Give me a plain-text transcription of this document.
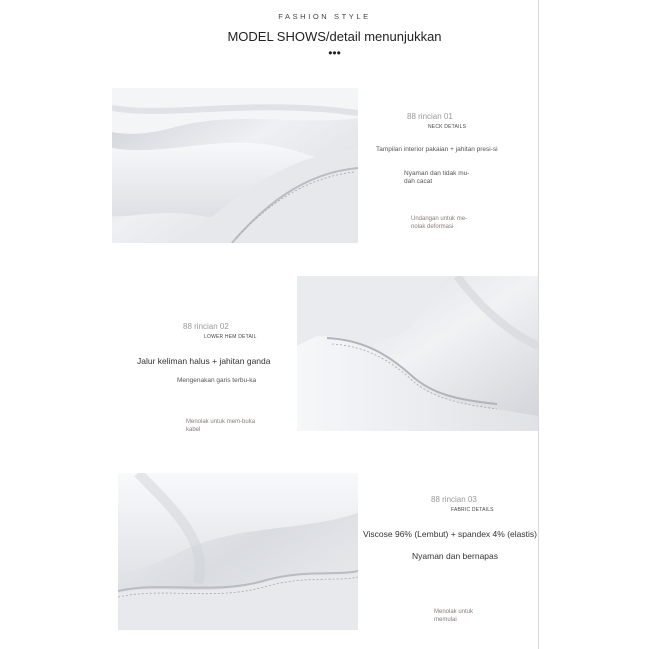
FASHION STYLE
MODEL SHOWS/detail menunjukkan
•••
88 rincian 01
NECK DETAILS
Tampilan interior pakaian + jahitan presi-si
Nyaman dan tidak mu-dah cacat
Undangan untuk me-nolak deformasi
88 rincian 02
LOWER HEM DETAIL
Jalur keliman halus + jahitan ganda
Mengenakan garis terbu-ka
Menolak untuk mem-buka kabel
88 rincian 03
FABRIC DETAILS
Viscose 96% (Lembut) + spandex 4% (elastis)
Nyaman dan bernapas
Menolak untuk memulai
